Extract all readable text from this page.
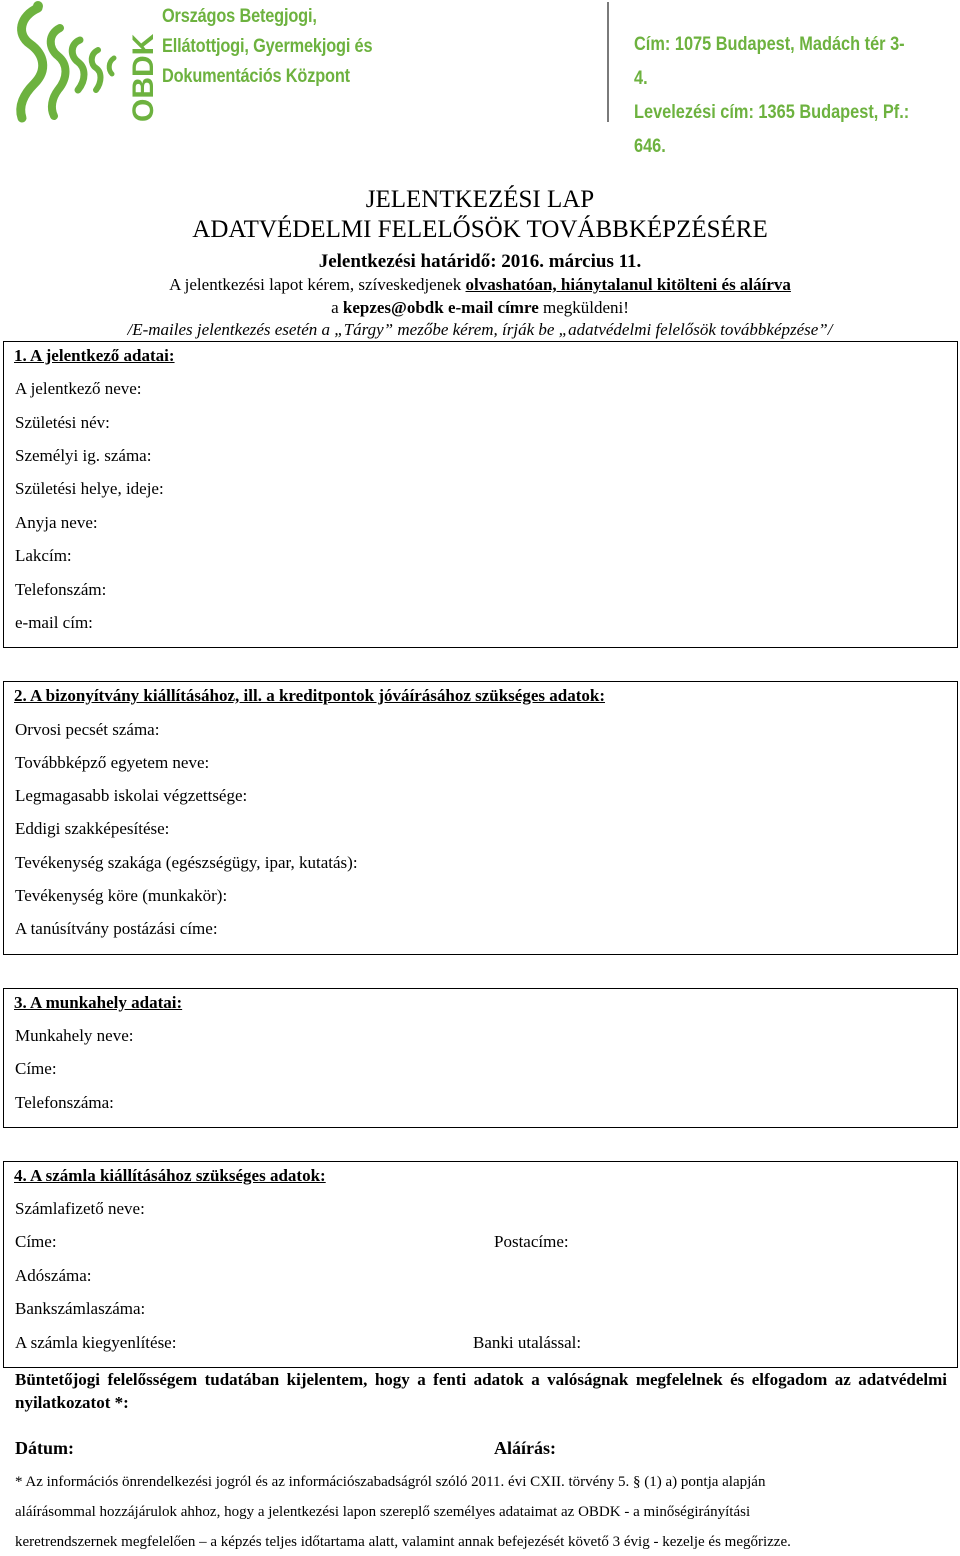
OBDK
Országos Betegjogi,
Ellátottjogi, Gyermekjogi és
Dokumentációs Központ
Cím: 1075 Budapest, Madách tér 3-4.
Levelezési cím: 1365 Budapest, Pf.: 646.
JELENTKEZÉSI LAP
ADATVÉDELMI FELELŐSÖK TOVÁBBKÉPZÉSÉRE
Jelentkezési határidő: 2016. március 11.
A jelentkezési lapot kérem, szíveskedjenek olvashatóan, hiánytalanul kitölteni és aláírva
a kepzes@obdk e-mail címre megküldeni!
/E-mailes jelentkezés esetén a „Tárgy” mezőbe kérem, írják be „adatvédelmi felelősök továbbképzése”/
1. A jelentkező adatai:
A jelentkező neve:
Születési név:
Személyi ig. száma:
Születési helye, ideje:
Anyja neve:
Lakcím:
Telefonszám:
e-mail cím:
2. A bizonyítvány kiállításához, ill. a kreditpontok jóváírásához szükséges adatok:
Orvosi pecsét száma:
Továbbképző egyetem neve:
Legmagasabb iskolai végzettsége:
Eddigi szakképesítése:
Tevékenység szakága (egészségügy, ipar, kutatás):
Tevékenység köre (munkakör):
A tanúsítvány postázási címe:
3. A munkahely adatai:
Munkahely neve:
Címe:
Telefonszáma:
4. A számla kiállításához szükséges adatok:
Számlafizető neve:
Címe:	Postacíme:
Adószáma:
Bankszámlaszáma:
A számla kiegyenlítése:	Banki utalással:
Büntetőjogi felelősségem tudatában kijelentem, hogy a fenti adatok a valóságnak megfelelnek és elfogadom az adatvédelmi nyilatkozatot *:
Dátum:	Aláírás:
* Az információs önrendelkezési jogról és az információszabadságról szóló 2011. évi CXII. törvény 5. § (1) a) pontja alapján
aláírásommal hozzájárulok ahhoz, hogy a jelentkezési lapon szereplő személyes adataimat az OBDK - a minőségirányítási
keretrendszernek megfelelően – a képzés teljes időtartama alatt, valamint annak befejezését követő 3 évig - kezelje és megőrizze.
